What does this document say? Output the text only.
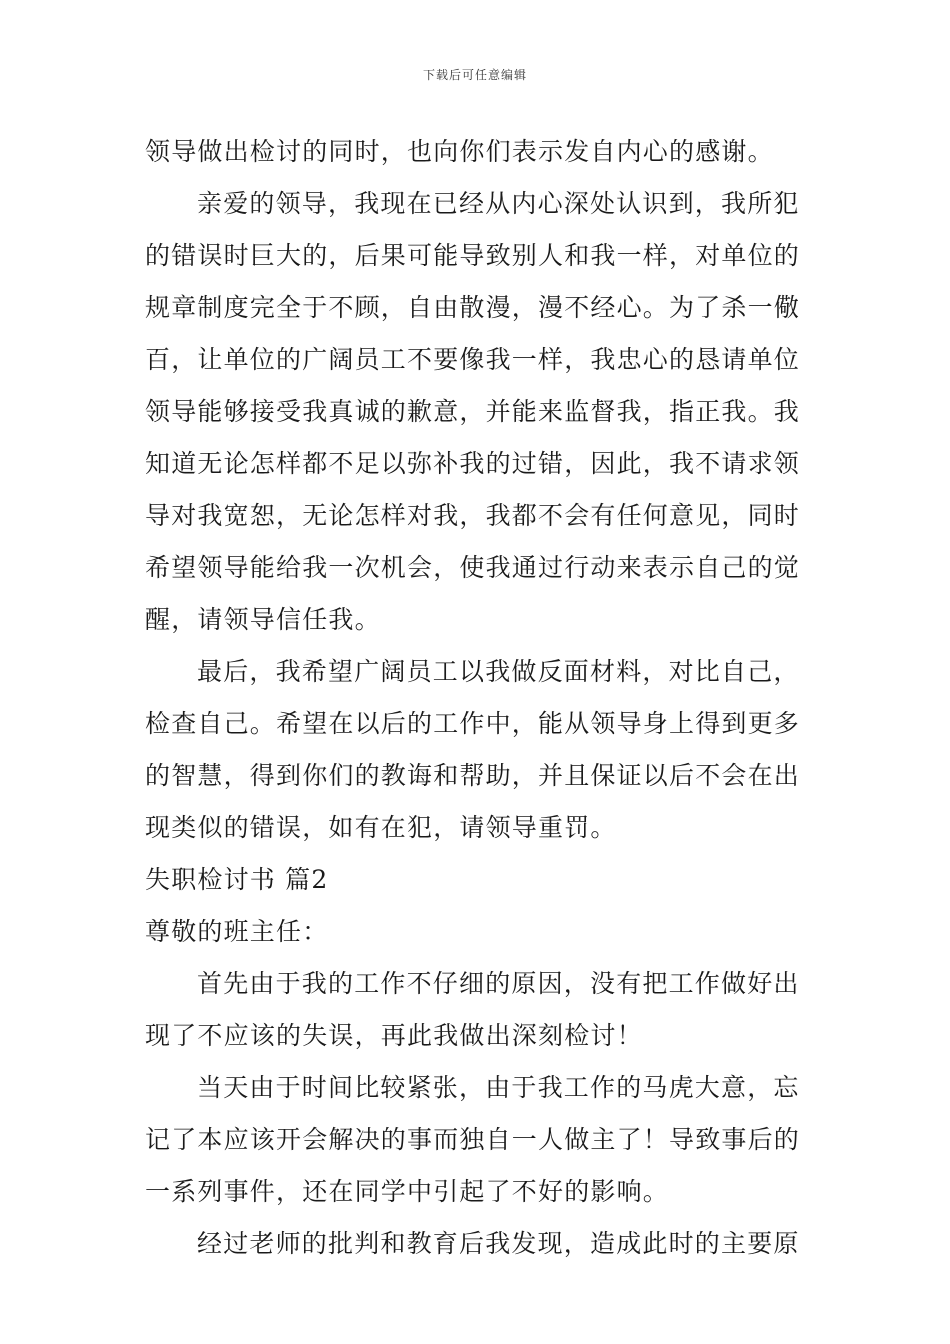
下载后可任意编辑
领导做出检讨的同时，也向你们表示发自内心的感谢。
亲爱的领导，我现在已经从内心深处认识到，我所犯
的错误时巨大的，后果可能导致别人和我一样，对单位的
规章制度完全于不顾，自由散漫，漫不经心。为了杀一儆
百，让单位的广阔员工不要像我一样，我忠心的恳请单位
领导能够接受我真诚的歉意，并能来监督我，指正我。我
知道无论怎样都不足以弥补我的过错，因此，我不请求领
导对我宽恕，无论怎样对我，我都不会有任何意见，同时
希望领导能给我一次机会，使我通过行动来表示自己的觉
醒，请领导信任我。
最后，我希望广阔员工以我做反面材料，对比自己，
检查自己。希望在以后的工作中，能从领导身上得到更多
的智慧，得到你们的教诲和帮助，并且保证以后不会在出
现类似的错误，如有在犯，请领导重罚。
失职检讨书 篇2
尊敬的班主任：
首先由于我的工作不仔细的原因，没有把工作做好出
现了不应该的失误，再此我做出深刻检讨！
当天由于时间比较紧张，由于我工作的马虎大意，忘
记了本应该开会解决的事而独自一人做主了！导致事后的
一系列事件，还在同学中引起了不好的影响。
经过老师的批判和教育后我发现，造成此时的主要原
